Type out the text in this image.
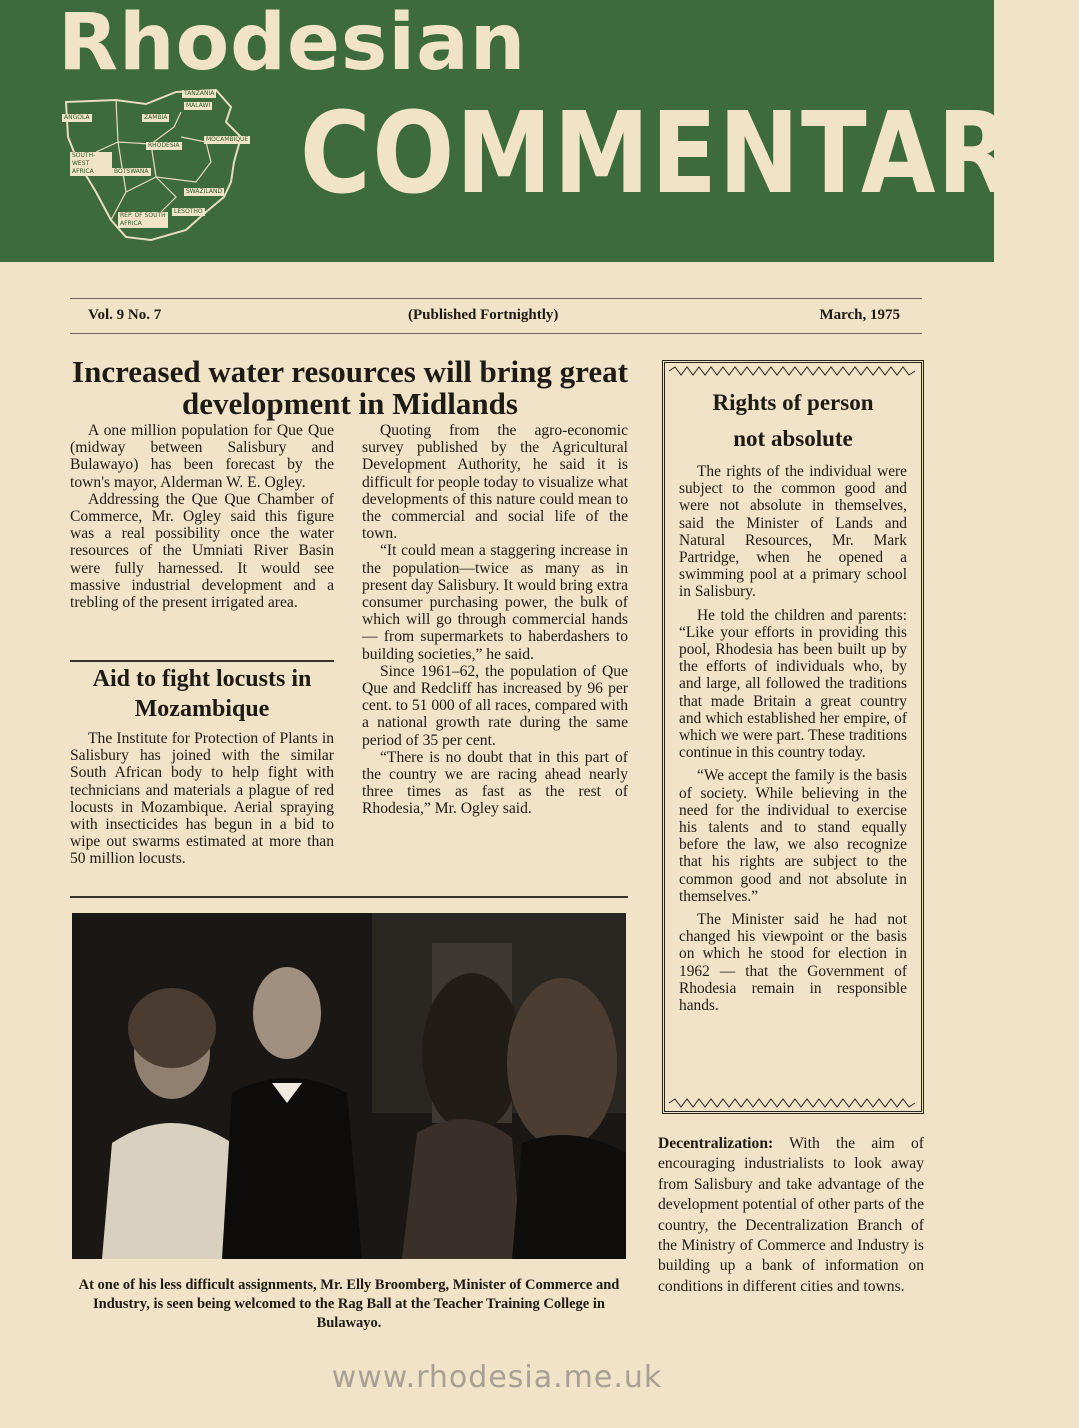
Rhodesian
TANZANIA
MALAWI
ANGOLA	ZAMBIA
MOCAMBIQUE
RHODESIA
SOUTH-WEST AFRICA	BOTSWANA
SWAZILAND
LESOTHO
REP. OF SOUTH AFRICA
COMMENTARY
Vol. 9 No. 7	(Published Fortnightly)	March, 1975
Increased water resources will bring great development in Midlands

A one million population for Que Que (midway between Salisbury and Bulawayo) has been forecast by the town's mayor, Alderman W. E. Ogley.

Addressing the Que Que Chamber of Commerce, Mr. Ogley said this figure was a real possibility once the water resources of the Umniati River Basin were fully harnessed. It would see massive industrial development and a trebling of the present irrigated area.

Quoting from the agro-economic survey published by the Agricultural Development Authority, he said it is difficult for people today to visualize what developments of this nature could mean to the commercial and social life of the town.

“It could mean a staggering increase in the population—twice as many as in present day Salisbury. It would bring extra consumer purchasing power, the bulk of which will go through commercial hands — from supermarkets to haberdashers to building societies,” he said.

Since 1961–62, the population of Que Que and Redcliff has increased by 96 per cent. to 51 000 of all races, compared with a national growth rate during the same period of 35 per cent.

“There is no doubt that in this part of the country we are racing ahead nearly three times as fast as the rest of Rhodesia,” Mr. Ogley said.

Aid to fight locusts in Mozambique

The Institute for Protection of Plants in Salisbury has joined with the similar South African body to help fight with technicians and materials a plague of red locusts in Mozambique. Aerial spraying with insecticides has begun in a bid to wipe out swarms estimated at more than 50 million locusts.

At one of his less difficult assignments, Mr. Elly Broomberg, Minister of Commerce and Industry, is seen being welcomed to the Rag Ball at the Teacher Training College in Bulawayo.
Rights of person
not absolute

The rights of the individual were subject to the common good and were not absolute in themselves, said the Minister of Lands and Natural Resources, Mr. Mark Partridge, when he opened a swimming pool at a primary school in Salisbury.

He told the children and parents: “Like your efforts in providing this pool, Rhodesia has been built up by the efforts of individuals who, by and large, all followed the traditions that made Britain a great country and which established her empire, of which we were part. These traditions continue in this country today.

“We accept the family is the basis of society. While believing in the need for the individual to exercise his talents and to stand equally before the law, we also recognize that his rights are subject to the common good and not absolute in themselves.”

The Minister said he had not changed his viewpoint or the basis on which he stood for election in 1962 — that the Government of Rhodesia remain in responsible hands.

Decentralization: With the aim of encouraging industrialists to look away from Salisbury and take advantage of the development potential of other parts of the country, the Decentralization Branch of the Ministry of Commerce and Industry is building up a bank of information on conditions in different cities and towns.

www.rhodesia.me.uk
